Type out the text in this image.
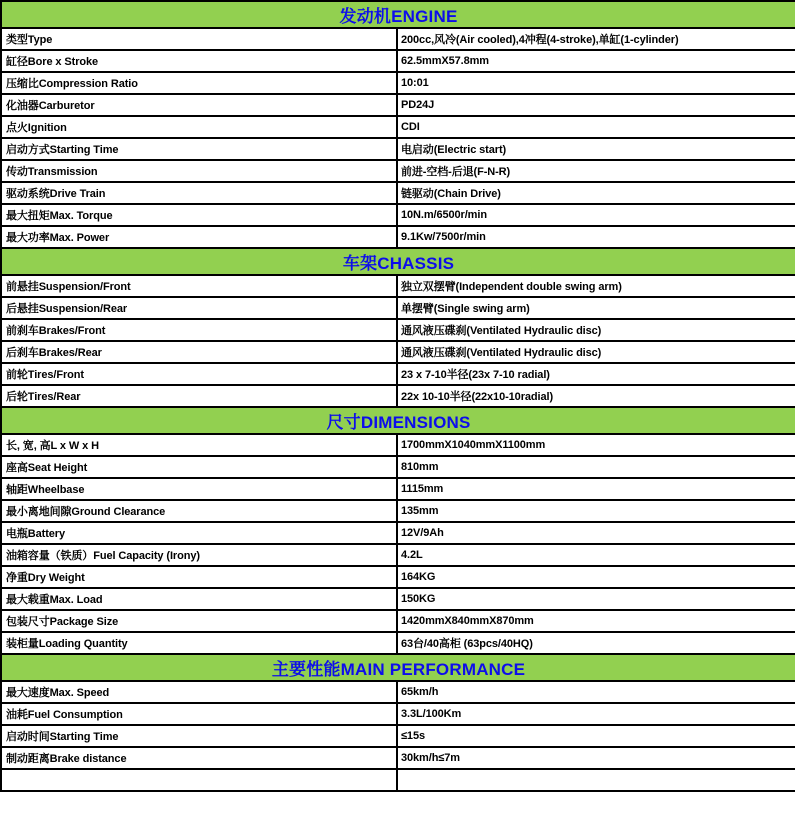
发动机ENGINE	
类型Type	200cc,风冷(Air cooled),4冲程(4-stroke),单缸(1-cylinder)
缸径Bore x Stroke	62.5mmX57.8mm
压缩比Compression Ratio	10:01
化油器Carburetor	PD24J
点火Ignition	CDI
启动方式Starting Time	电启动(Electric start)
传动Transmission	前进-空档-后退(F-N-R)
驱动系统Drive Train	链驱动(Chain Drive)
最大扭矩Max. Torque	10N.m/6500r/min
最大功率Max. Power	9.1Kw/7500r/min
车架CHASSIS	
前悬挂Suspension/Front	独立双摆臂(Independent double swing arm)
后悬挂Suspension/Rear	单摆臂(Single swing arm)
前刹车Brakes/Front	通风液压碟刹(Ventilated Hydraulic disc)
后刹车Brakes/Rear	通风液压碟刹(Ventilated Hydraulic disc)
前轮Tires/Front	23 x 7-10半径(23x 7-10 radial)
后轮Tires/Rear	22x 10-10半径(22x10-10radial)
尺寸DIMENSIONS	
长, 宽, 高L x W x H	1700mmX1040mmX1100mm
座高Seat Height	810mm
轴距Wheelbase	1115mm
最小离地间隙Ground Clearance	135mm
电瓶Battery	12V/9Ah
油箱容量（铁质）Fuel Capacity (Irony)	4.2L
净重Dry Weight	164KG
最大载重Max. Load	150KG
包装尺寸Package Size	1420mmX840mmX870mm
装柜量Loading Quantity	63台/40高柜 (63pcs/40HQ)
主要性能MAIN PERFORMANCE	
最大速度Max. Speed	65km/h
油耗Fuel Consumption	3.3L/100Km
启动时间Starting Time	≤15s
制动距离Brake distance	30km/h≤7m
